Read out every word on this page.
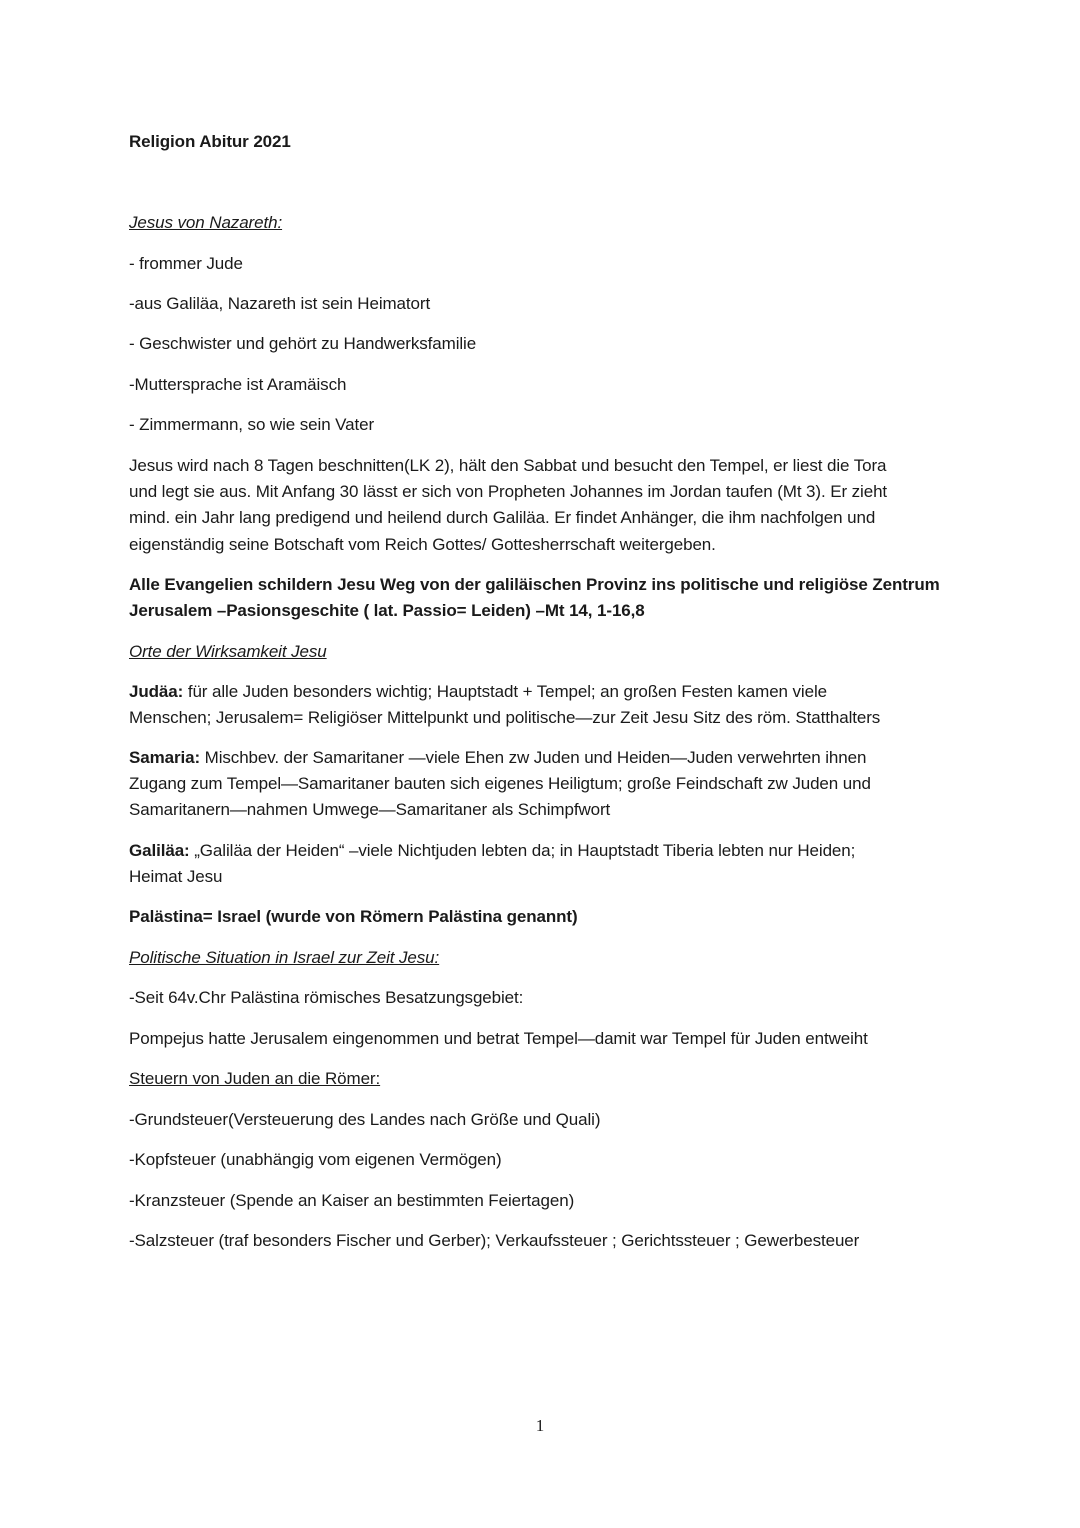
Religion Abitur 2021
Jesus von Nazareth:
- frommer Jude
-aus Galiläa, Nazareth ist sein Heimatort
- Geschwister und gehört zu Handwerksfamilie
-Muttersprache ist Aramäisch
- Zimmermann, so wie sein Vater
Jesus wird nach 8 Tagen beschnitten(LK 2), hält den Sabbat und besucht den Tempel, er liest die Tora
und legt sie aus. Mit Anfang 30 lässt er sich von Propheten Johannes im Jordan taufen (Mt 3). Er zieht
mind. ein Jahr lang predigend und heilend durch Galiläa. Er findet Anhänger, die ihm nachfolgen und
eigenständig seine Botschaft vom Reich Gottes/ Gottesherrschaft weitergeben.
Alle Evangelien schildern Jesu Weg von der galiläischen Provinz ins politische und religiöse Zentrum
Jerusalem –Pasionsgeschite ( lat. Passio= Leiden) –Mt 14, 1-16,8
Orte der Wirksamkeit Jesu
Judäa: für alle Juden besonders wichtig; Hauptstadt + Tempel; an großen Festen kamen viele
Menschen; Jerusalem= Religiöser Mittelpunkt und politische—zur Zeit Jesu Sitz des röm. Statthalters
Samaria: Mischbev. der Samaritaner —viele Ehen zw Juden und Heiden—Juden verwehrten ihnen
Zugang zum Tempel—Samaritaner bauten sich eigenes Heiligtum; große Feindschaft zw Juden und
Samaritanern—nahmen Umwege—Samaritaner als Schimpfwort
Galiläa: „Galiläa der Heiden“ –viele Nichtjuden lebten da; in Hauptstadt Tiberia lebten nur Heiden;
Heimat Jesu
Palästina= Israel (wurde von Römern Palästina genannt)
Politische Situation in Israel zur Zeit Jesu:
-Seit 64v.Chr Palästina römisches Besatzungsgebiet:
Pompejus hatte Jerusalem eingenommen und betrat Tempel—damit war Tempel für Juden entweiht
Steuern von Juden an die Römer:
-Grundsteuer(Versteuerung des Landes nach Größe und Quali)
-Kopfsteuer (unabhängig vom eigenen Vermögen)
-Kranzsteuer (Spende an Kaiser an bestimmten Feiertagen)
-Salzsteuer (traf besonders Fischer und Gerber); Verkaufssteuer ; Gerichtssteuer ; Gewerbesteuer
1
